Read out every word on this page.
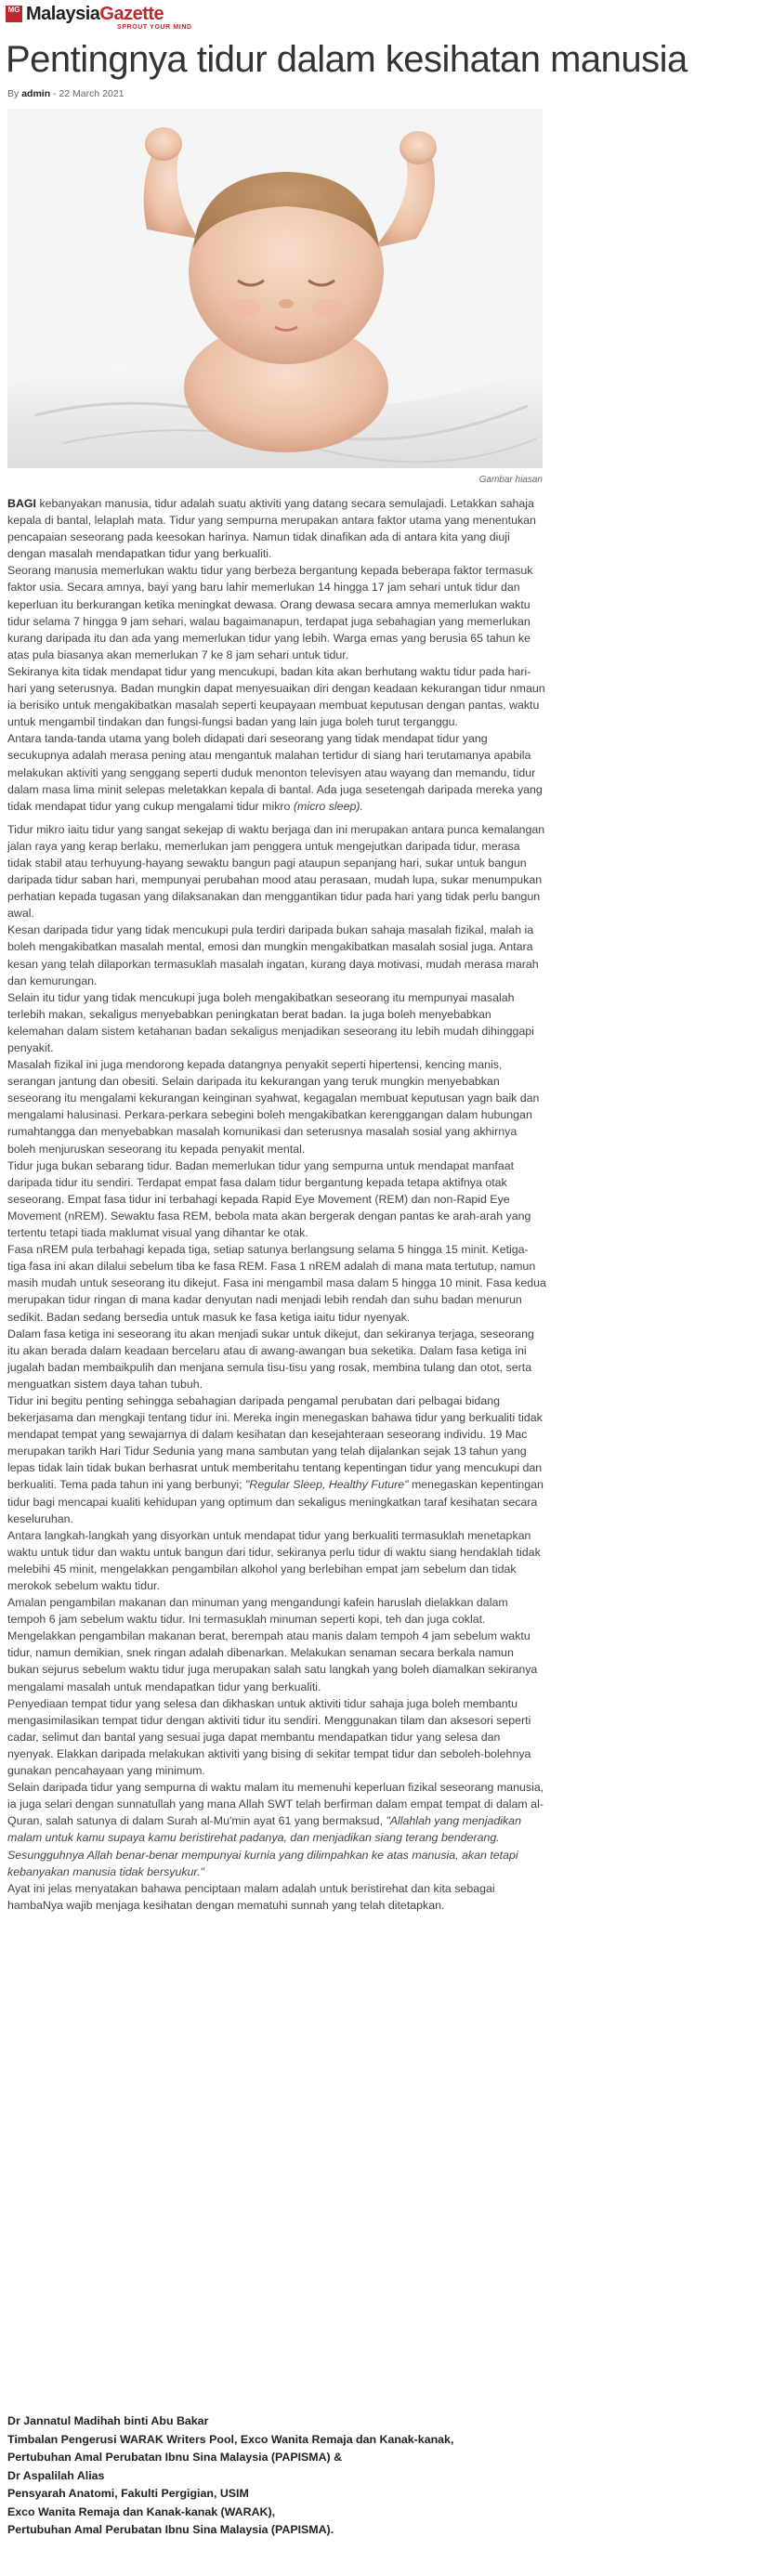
MG MalaysiaGazette
SPROUT YOUR MIND
Pentingnya tidur dalam kesihatan manusia
By admin - 22 March 2021
Gambar hiasan

BAGI kebanyakan manusia, tidur adalah suatu aktiviti yang datang secara semulajadi. Letakkan sahaja kepala di bantal, lelaplah mata. Tidur yang sempurna merupakan antara faktor utama yang menentukan pencapaian seseorang pada keesokan harinya. Namun tidak dinafikan ada di antara kita yang diuji dengan masalah mendapatkan tidur yang berkualiti.

Seorang manusia memerlukan waktu tidur yang berbeza bergantung kepada beberapa faktor termasuk faktor usia. Secara amnya, bayi yang baru lahir memerlukan 14 hingga 17 jam sehari untuk tidur dan keperluan itu berkurangan ketika meningkat dewasa. Orang dewasa secara amnya memerlukan waktu tidur selama 7 hingga 9 jam sehari, walau bagaimanapun, terdapat juga sebahagian yang memerlukan kurang daripada itu dan ada yang memerlukan tidur yang lebih. Warga emas yang berusia 65 tahun ke atas pula biasanya akan memerlukan 7 ke 8 jam sehari untuk tidur.

Sekiranya kita tidak mendapat tidur yang mencukupi, badan kita akan berhutang waktu tidur pada hari-hari yang seterusnya. Badan mungkin dapat menyesuaikan diri dengan keadaan kekurangan tidur nmaun ia berisiko untuk mengakibatkan masalah seperti keupayaan membuat keputusan dengan pantas, waktu untuk mengambil tindakan dan fungsi-fungsi badan yang lain juga boleh turut terganggu.

Antara tanda-tanda utama yang boleh didapati dari seseorang yang tidak mendapat tidur yang secukupnya adalah merasa pening atau mengantuk malahan tertidur di siang hari terutamanya apabila melakukan aktiviti yang senggang seperti duduk menonton televisyen atau wayang dan memandu, tidur dalam masa lima minit selepas meletakkan kepala di bantal. Ada juga sesetengah daripada mereka yang tidak mendapat tidur yang cukup mengalami tidur mikro (micro sleep).

Tidur mikro iaitu tidur yang sangat sekejap di waktu berjaga dan ini merupakan antara punca kemalangan jalan raya yang kerap berlaku, memerlukan jam penggera untuk mengejutkan daripada tidur, merasa tidak stabil atau terhuyung-hayang sewaktu bangun pagi ataupun sepanjang hari, sukar untuk bangun daripada tidur saban hari, mempunyai perubahan mood atau perasaan, mudah lupa, sukar menumpukan perhatian kepada tugasan yang dilaksanakan dan menggantikan tidur pada hari yang tidak perlu bangun awal.

Kesan daripada tidur yang tidak mencukupi pula terdiri daripada bukan sahaja masalah fizikal, malah ia boleh mengakibatkan masalah mental, emosi dan mungkin mengakibatkan masalah sosial juga. Antara kesan yang telah dilaporkan termasuklah masalah ingatan, kurang daya motivasi, mudah merasa marah dan kemurungan.

Selain itu tidur yang tidak mencukupi juga boleh mengakibatkan seseorang itu mempunyai masalah terlebih makan, sekaligus menyebabkan peningkatan berat badan. Ia juga boleh menyebabkan kelemahan dalam sistem ketahanan badan sekaligus menjadikan seseorang itu lebih mudah dihinggapi penyakit.

Masalah fizikal ini juga mendorong kepada datangnya penyakit seperti hipertensi, kencing manis, serangan jantung dan obesiti. Selain daripada itu kekurangan yang teruk mungkin menyebabkan seseorang itu mengalami kekurangan keinginan syahwat, kegagalan membuat keputusan yagn baik dan mengalami halusinasi. Perkara-perkara sebegini boleh mengakibatkan kerenggangan dalam hubungan rumahtangga dan menyebabkan masalah komunikasi dan seterusnya masalah sosial yang akhirnya boleh menjuruskan seseorang itu kepada penyakit mental.

Tidur juga bukan sebarang tidur. Badan memerlukan tidur yang sempurna untuk mendapat manfaat daripada tidur itu sendiri. Terdapat empat fasa dalam tidur bergantung kepada tetapa aktifnya otak seseorang. Empat fasa tidur ini terbahagi kepada Rapid Eye Movement (REM) dan non-Rapid Eye Movement (nREM). Sewaktu fasa REM, bebola mata akan bergerak dengan pantas ke arah-arah yang tertentu tetapi tiada maklumat visual yang dihantar ke otak.

Fasa nREM pula terbahagi kepada tiga, setiap satunya berlangsung selama 5 hingga 15 minit. Ketiga-tiga fasa ini akan dilalui sebelum tiba ke fasa REM. Fasa 1 nREM adalah di mana mata tertutup, namun masih mudah untuk seseorang itu dikejut. Fasa ini mengambil masa dalam 5 hingga 10 minit. Fasa kedua merupakan tidur ringan di mana kadar denyutan nadi menjadi lebih rendah dan suhu badan menurun sedikit. Badan sedang bersedia untuk masuk ke fasa ketiga iaitu tidur nyenyak.

Dalam fasa ketiga ini seseorang itu akan menjadi sukar untuk dikejut, dan sekiranya terjaga, seseorang itu akan berada dalam keadaan bercelaru atau di awang-awangan bua seketika. Dalam fasa ketiga ini jugalah badan membaikpulih dan menjana semula tisu-tisu yang rosak, membina tulang dan otot, serta menguatkan sistem daya tahan tubuh.

Tidur ini begitu penting sehingga sebahagian daripada pengamal perubatan dari pelbagai bidang bekerjasama dan mengkaji tentang tidur ini. Mereka ingin menegaskan bahawa tidur yang berkualiti tidak mendapat tempat yang sewajarnya di dalam kesihatan dan kesejahteraan seseorang individu. 19 Mac merupakan tarikh Hari Tidur Sedunia yang mana sambutan yang telah dijalankan sejak 13 tahun yang lepas tidak lain tidak bukan berhasrat untuk memberitahu tentang kepentingan tidur yang mencukupi dan berkualiti. Tema pada tahun ini yang berbunyi; "Regular Sleep, Healthy Future" menegaskan kepentingan tidur bagi mencapai kualiti kehidupan yang optimum dan sekaligus meningkatkan taraf kesihatan secara keseluruhan.

Antara langkah-langkah yang disyorkan untuk mendapat tidur yang berkualiti termasuklah menetapkan waktu untuk tidur dan waktu untuk bangun dari tidur, sekiranya perlu tidur di waktu siang hendaklah tidak melebihi 45 minit, mengelakkan pengambilan alkohol yang berlebihan empat jam sebelum dan tidak merokok sebelum waktu tidur.

Amalan pengambilan makanan dan minuman yang mengandungi kafein haruslah dielakkan dalam tempoh 6 jam sebelum waktu tidur. Ini termasuklah minuman seperti kopi, teh dan juga coklat.

Mengelakkan pengambilan makanan berat, berempah atau manis dalam tempoh 4 jam sebelum waktu tidur, namun demikian, snek ringan adalah dibenarkan. Melakukan senaman secara berkala namun bukan sejurus sebelum waktu tidur juga merupakan salah satu langkah yang boleh diamalkan sekiranya mengalami masalah untuk mendapatkan tidur yang berkualiti.

Penyediaan tempat tidur yang selesa dan dikhaskan untuk aktiviti tidur sahaja juga boleh membantu mengasimilasikan tempat tidur dengan aktiviti tidur itu sendiri. Menggunakan tilam dan aksesori seperti cadar, selimut dan bantal yang sesuai juga dapat membantu mendapatkan tidur yang selesa dan nyenyak. Elakkan daripada melakukan aktiviti yang bising di sekitar tempat tidur dan seboleh-bolehnya gunakan pencahayaan yang minimum.

Selain daripada tidur yang sempurna di waktu malam itu memenuhi keperluan fizikal seseorang manusia, ia juga selari dengan sunnatullah yang mana Allah SWT telah berfirman dalam empat tempat di dalam al-Quran, salah satunya di dalam Surah al-Mu'min ayat 61 yang bermaksud, "Allahlah yang menjadikan malam untuk kamu supaya kamu beristirehat padanya, dan menjadikan siang terang benderang. Sesungguhnya Allah benar-benar mempunyai kurnia yang dilimpahkan ke atas manusia, akan tetapi kebanyakan manusia tidak bersyukur."

Ayat ini jelas menyatakan bahawa penciptaan malam adalah untuk beristirehat dan kita sebagai hambaNya wajib menjaga kesihatan dengan mematuhi sunnah yang telah ditetapkan.

Dr Jannatul Madihah binti Abu Bakar
Timbalan Pengerusi WARAK Writers Pool, Exco Wanita Remaja dan Kanak-kanak,
Pertubuhan Amal Perubatan Ibnu Sina Malaysia (PAPISMA) &
Dr Aspalilah Alias
Pensyarah Anatomi, Fakulti Pergigian, USIM
Exco Wanita Remaja dan Kanak-kanak (WARAK),
Pertubuhan Amal Perubatan Ibnu Sina Malaysia (PAPISMA).
